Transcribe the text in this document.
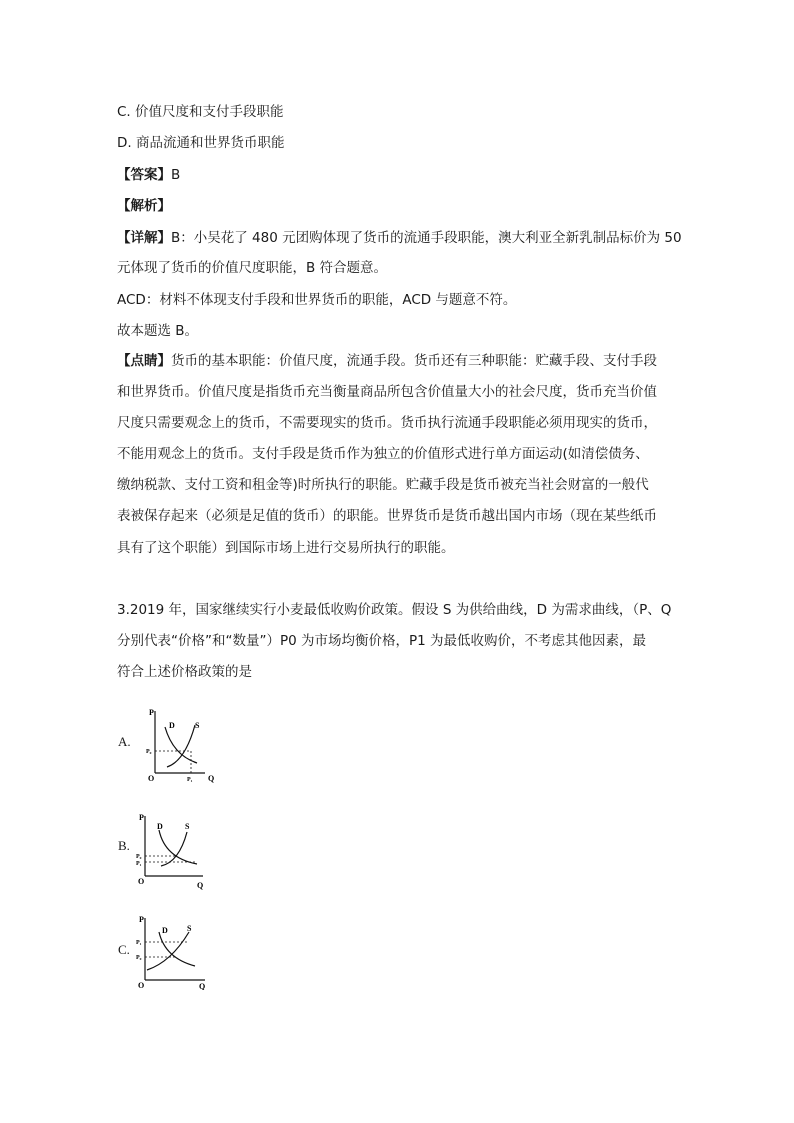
C. 价值尺度和支付手段职能
D. 商品流通和世界货币职能
【答案】B
【解析】
【详解】B：小吴花了 480 元团购体现了货币的流通手段职能，澳大利亚全新乳制品标价为 50
元体现了货币的价值尺度职能，B 符合题意。
ACD：材料不体现支付手段和世界货币的职能，ACD 与题意不符。
故本题选 B。
【点睛】货币的基本职能：价值尺度，流通手段。货币还有三种职能：贮藏手段、支付手段
和世界货币。价值尺度是指货币充当衡量商品所包含价值量大小的社会尺度，货币充当价值
尺度只需要观念上的货币，不需要现实的货币。货币执行流通手段职能必须用现实的货币，
不能用观念上的货币。支付手段是货币作为独立的价值形式进行单方面运动(如清偿债务、
缴纳税款、支付工资和租金等)时所执行的职能。贮藏手段是货币被充当社会财富的一般代
表被保存起来（必须是足值的货币）的职能。世界货币是货币越出国内市场（现在某些纸币
具有了这个职能）到国际市场上进行交易所执行的职能。
3.2019 年，国家继续实行小麦最低收购价政策。假设 S 为供给曲线，D 为需求曲线，（P、Q
分别代表“价格”和“数量”）P0 为市场均衡价格，P1 为最低收购价，不考虑其他因素，最
符合上述价格政策的是
A.
P
D	S
P₀
O	P₁ Q
B.
P
D	S
P₀
P₁
O	Q
C.
P
D S
P₁
P₀
O	Q
